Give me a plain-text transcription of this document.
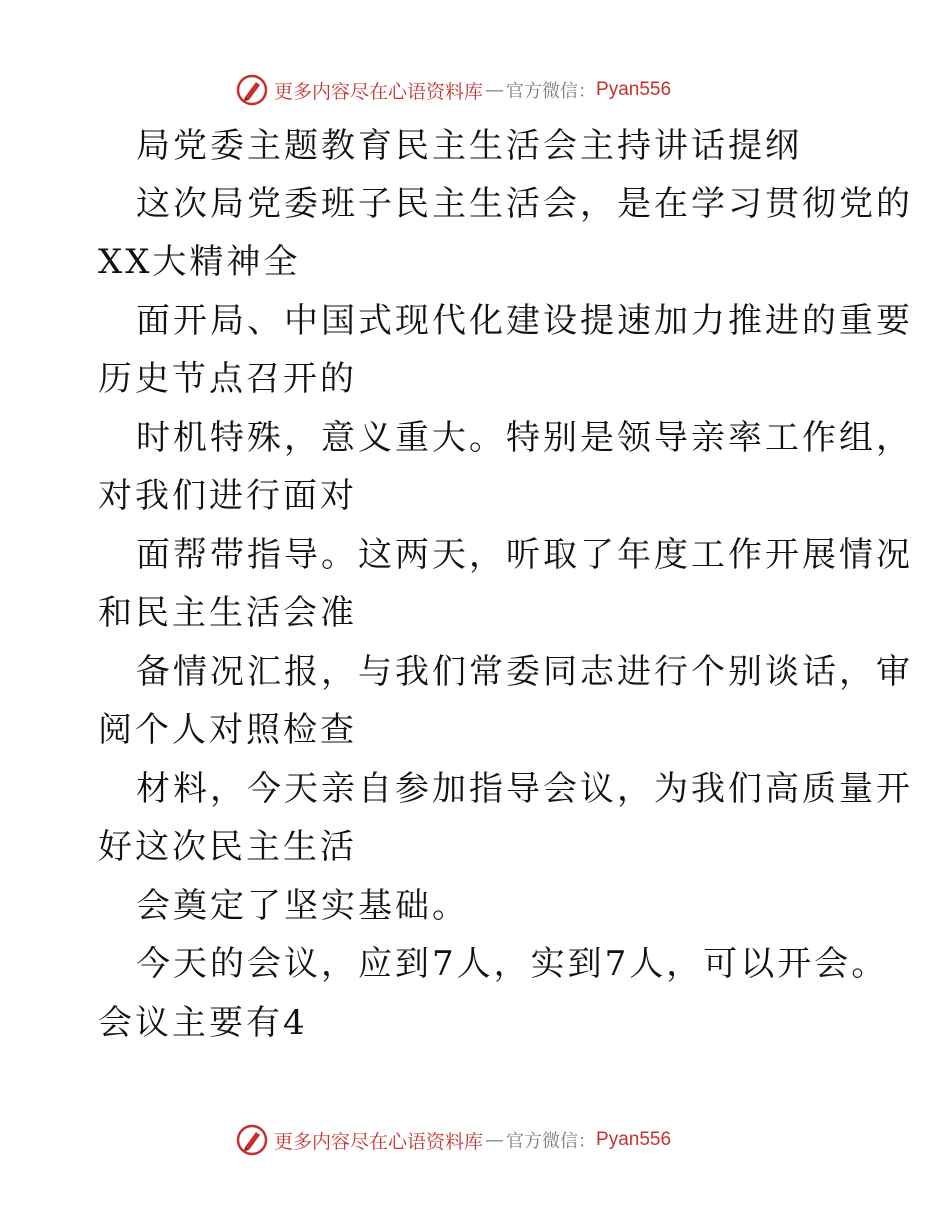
更多内容尽在心语资料库 — 官方微信： Pyan556
局党委主题教育民主生活会主持讲话提纲
这次局党委班子民主生活会，是在学习贯彻党的
XX大精神全
面开局、中国式现代化建设提速加力推进的重要
历史节点召开的
时机特殊，意义重大。特别是领导亲率工作组，
对我们进行面对
面帮带指导。这两天，听取了年度工作开展情况
和民主生活会准
备情况汇报，与我们常委同志进行个别谈话，审
阅个人对照检查
材料，今天亲自参加指导会议，为我们高质量开
好这次民主生活
会奠定了坚实基础。
今天的会议，应到7人，实到7人，可以开会。
会议主要有4
更多内容尽在心语资料库 — 官方微信： Pyan556
